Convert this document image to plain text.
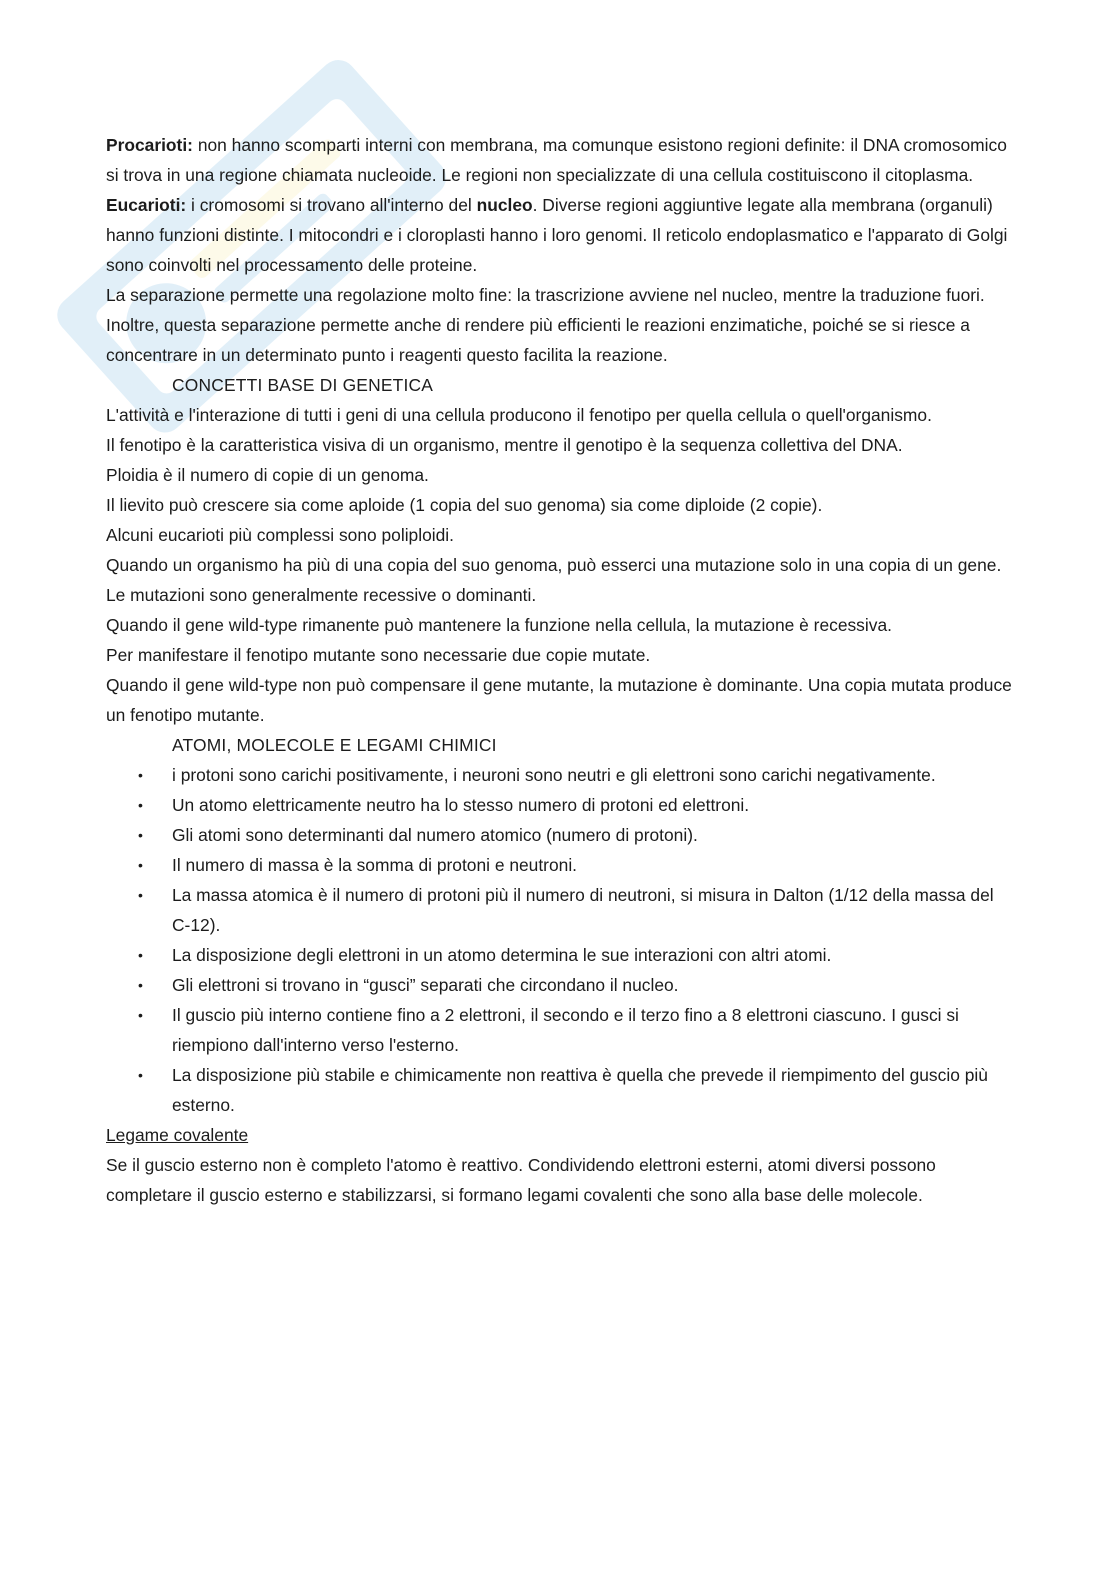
Procarioti: non hanno scomparti interni con membrana, ma comunque esistono regioni definite: il DNA cromosomico si trova in una regione chiamata nucleoide. Le regioni non specializzate di una cellula costituiscono il citoplasma.

Eucarioti: i cromosomi si trovano all'interno del nucleo. Diverse regioni aggiuntive legate alla membrana (organuli) hanno funzioni distinte. I mitocondri e i cloroplasti hanno i loro genomi. Il reticolo endoplasmatico e l'apparato di Golgi sono coinvolti nel processamento delle proteine.

La separazione permette una regolazione molto fine: la trascrizione avviene nel nucleo, mentre la traduzione fuori. Inoltre, questa separazione permette anche di rendere più efficienti le reazioni enzimatiche, poiché se si riesce a concentrare in un determinato punto i reagenti questo facilita la reazione.

CONCETTI BASE DI GENETICA

L'attività e l'interazione di tutti i geni di una cellula producono il fenotipo per quella cellula o quell'organismo.

Il fenotipo è la caratteristica visiva di un organismo, mentre il genotipo è la sequenza collettiva del DNA.

Ploidia è il numero di copie di un genoma.

Il lievito può crescere sia come aploide (1 copia del suo genoma) sia come diploide (2 copie).

Alcuni eucarioti più complessi sono poliploidi.

Quando un organismo ha più di una copia del suo genoma, può esserci una mutazione solo in una copia di un gene.

Le mutazioni sono generalmente recessive o dominanti.

Quando il gene wild-type rimanente può mantenere la funzione nella cellula, la mutazione è recessiva.

Per manifestare il fenotipo mutante sono necessarie due copie mutate.

Quando il gene wild-type non può compensare il gene mutante, la mutazione è dominante. Una copia mutata produce un fenotipo mutante.

ATOMI, MOLECOLE E LEGAMI CHIMICI

• i protoni sono carichi positivamente, i neuroni sono neutri e gli elettroni sono carichi negativamente.
• Un atomo elettricamente neutro ha lo stesso numero di protoni ed elettroni.
• Gli atomi sono determinanti dal numero atomico (numero di protoni).
• Il numero di massa è la somma di protoni e neutroni.
• La massa atomica è il numero di protoni più il numero di neutroni, si misura in Dalton (1/12 della massa del C-12).
• La disposizione degli elettroni in un atomo determina le sue interazioni con altri atomi.
• Gli elettroni si trovano in “gusci” separati che circondano il nucleo.
• Il guscio più interno contiene fino a 2 elettroni, il secondo e il terzo fino a 8 elettroni ciascuno. I gusci si riempiono dall'interno verso l'esterno.
• La disposizione più stabile e chimicamente non reattiva è quella che prevede il riempimento del guscio più esterno.

Legame covalente

Se il guscio esterno non è completo l'atomo è reattivo. Condividendo elettroni esterni, atomi diversi possono completare il guscio esterno e stabilizzarsi, si formano legami covalenti che sono alla base delle molecole.
